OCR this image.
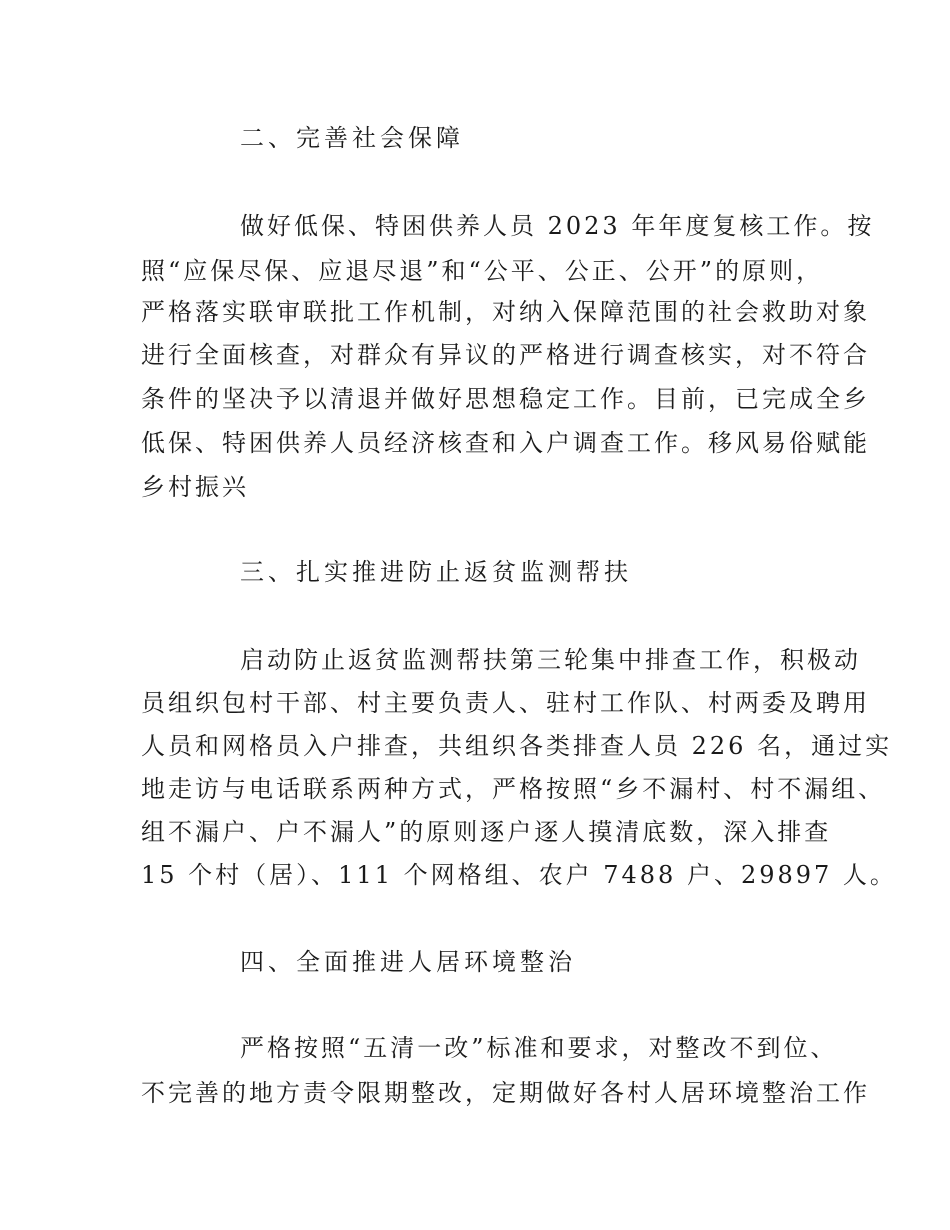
二、完善社会保障
做好低保、特困供养人员 2023 年年度复核工作。按
照“应保尽保、应退尽退”和“公平、公正、公开”的原则，
严格落实联审联批工作机制，对纳入保障范围的社会救助对象
进行全面核查，对群众有异议的严格进行调查核实，对不符合
条件的坚决予以清退并做好思想稳定工作。目前，已完成全乡
低保、特困供养人员经济核查和入户调查工作。移风易俗赋能
乡村振兴
三、扎实推进防止返贫监测帮扶
启动防止返贫监测帮扶第三轮集中排查工作，积极动
员组织包村干部、村主要负责人、驻村工作队、村两委及聘用
人员和网格员入户排查，共组织各类排查人员 226 名，通过实
地走访与电话联系两种方式，严格按照“乡不漏村、村不漏组、
组不漏户、户不漏人”的原则逐户逐人摸清底数，深入排查
15 个村（居）、111 个网格组、农户 7488 户、29897 人。
四、全面推进人居环境整治
严格按照“五清一改”标准和要求，对整改不到位、
不完善的地方责令限期整改，定期做好各村人居环境整治工作
